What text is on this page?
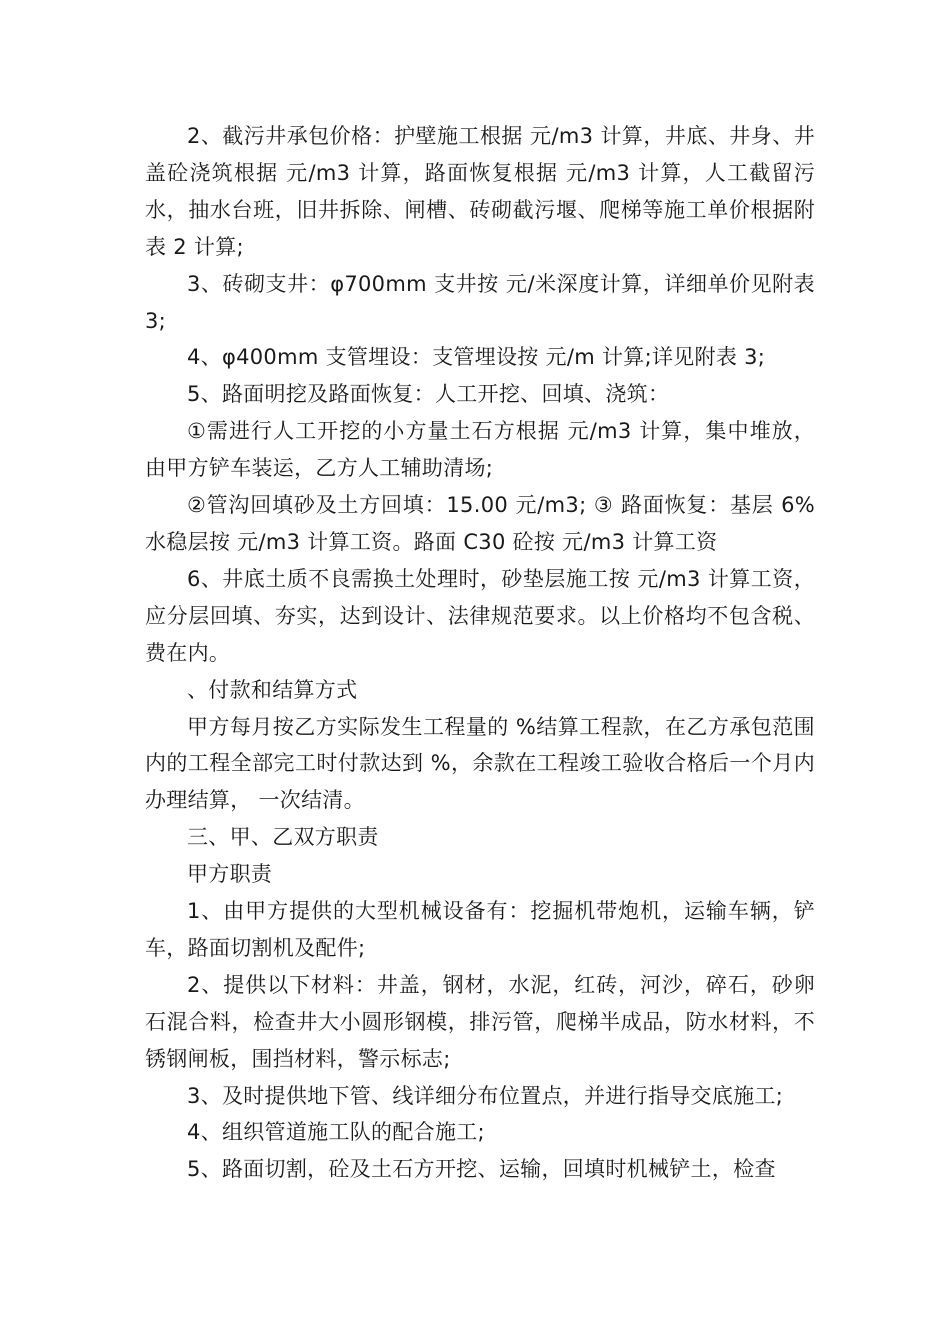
2、截污井承包价格：护壁施工根据 元/m3 计算，井底、井身、井盖砼浇筑根据 元/m3 计算，路面恢复根据 元/m3 计算，人工截留污水，抽水台班，旧井拆除、闸槽、砖砌截污堰、爬梯等施工单价根据附表 2 计算;

3、砖砌支井：φ700mm 支井按 元/米深度计算，详细单价见附表 3;

4、φ400mm 支管埋设：支管埋设按 元/m 计算;详见附表 3;

5、路面明挖及路面恢复：人工开挖、回填、浇筑：

①需进行人工开挖的小方量土石方根据 元/m3 计算，集中堆放，由甲方铲车装运，乙方人工辅助清场;

②管沟回填砂及土方回填：15.00 元/m3; ③ 路面恢复：基层 6%水稳层按 元/m3 计算工资。路面 C30 砼按 元/m3 计算工资

6、井底土质不良需换土处理时，砂垫层施工按 元/m3 计算工资，应分层回填、夯实，达到设计、法律规范要求。以上价格均不包含税、费在内。

、付款和结算方式

甲方每月按乙方实际发生工程量的 %结算工程款，在乙方承包范围内的工程全部完工时付款达到 %，余款在工程竣工验收合格后一个月内办理结算， 一次结清。

三、甲、乙双方职责

甲方职责

1、由甲方提供的大型机械设备有：挖掘机带炮机，运输车辆，铲车，路面切割机及配件;

2、提供以下材料：井盖，钢材，水泥，红砖，河沙，碎石，砂卵石混合料，检查井大小圆形钢模，排污管，爬梯半成品，防水材料，不锈钢闸板，围挡材料，警示标志;

3、及时提供地下管、线详细分布位置点，并进行指导交底施工;

4、组织管道施工队的配合施工;

5、路面切割，砼及土石方开挖、运输，回填时机械铲土，检查
